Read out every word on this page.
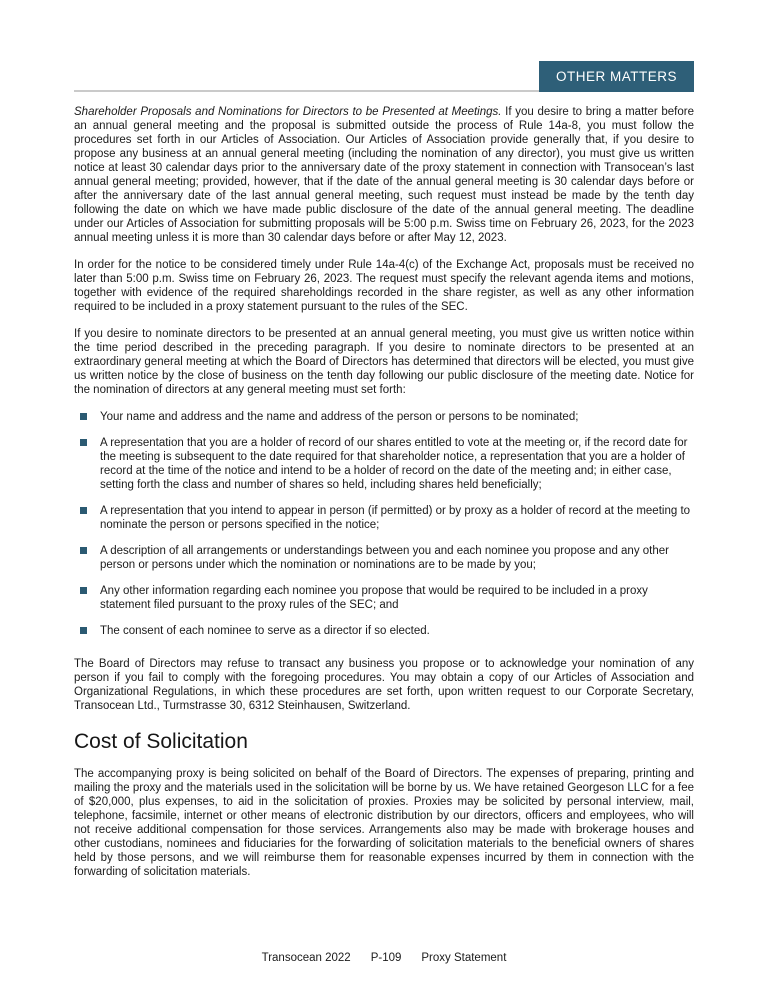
OTHER MATTERS

Shareholder Proposals and Nominations for Directors to be Presented at Meetings. If you desire to bring a matter before an annual general meeting and the proposal is submitted outside the process of Rule 14a-8, you must follow the procedures set forth in our Articles of Association. Our Articles of Association provide generally that, if you desire to propose any business at an annual general meeting (including the nomination of any director), you must give us written notice at least 30 calendar days prior to the anniversary date of the proxy statement in connection with Transocean’s last annual general meeting; provided, however, that if the date of the annual general meeting is 30 calendar days before or after the anniversary date of the last annual general meeting, such request must instead be made by the tenth day following the date on which we have made public disclosure of the date of the annual general meeting. The deadline under our Articles of Association for submitting proposals will be 5:00 p.m. Swiss time on February 26, 2023, for the 2023 annual meeting unless it is more than 30 calendar days before or after May 12, 2023.

In order for the notice to be considered timely under Rule 14a-4(c) of the Exchange Act, proposals must be received no later than 5:00 p.m. Swiss time on February 26, 2023. The request must specify the relevant agenda items and motions, together with evidence of the required shareholdings recorded in the share register, as well as any other information required to be included in a proxy statement pursuant to the rules of the SEC.

If you desire to nominate directors to be presented at an annual general meeting, you must give us written notice within the time period described in the preceding paragraph. If you desire to nominate directors to be presented at an extraordinary general meeting at which the Board of Directors has determined that directors will be elected, you must give us written notice by the close of business on the tenth day following our public disclosure of the meeting date. Notice for the nomination of directors at any general meeting must set forth:

Your name and address and the name and address of the person or persons to be nominated;
A representation that you are a holder of record of our shares entitled to vote at the meeting or, if the record date for the meeting is subsequent to the date required for that shareholder notice, a representation that you are a holder of record at the time of the notice and intend to be a holder of record on the date of the meeting and; in either case, setting forth the class and number of shares so held, including shares held beneficially;
A representation that you intend to appear in person (if permitted) or by proxy as a holder of record at the meeting to nominate the person or persons specified in the notice;
A description of all arrangements or understandings between you and each nominee you propose and any other person or persons under which the nomination or nominations are to be made by you;
Any other information regarding each nominee you propose that would be required to be included in a proxy statement filed pursuant to the proxy rules of the SEC; and
The consent of each nominee to serve as a director if so elected.

The Board of Directors may refuse to transact any business you propose or to acknowledge your nomination of any person if you fail to comply with the foregoing procedures. You may obtain a copy of our Articles of Association and Organizational Regulations, in which these procedures are set forth, upon written request to our Corporate Secretary, Transocean Ltd., Turmstrasse 30, 6312 Steinhausen, Switzerland.

Cost of Solicitation

The accompanying proxy is being solicited on behalf of the Board of Directors. The expenses of preparing, printing and mailing the proxy and the materials used in the solicitation will be borne by us. We have retained Georgeson LLC for a fee of $20,000, plus expenses, to aid in the solicitation of proxies. Proxies may be solicited by personal interview, mail, telephone, facsimile, internet or other means of electronic distribution by our directors, officers and employees, who will not receive additional compensation for those services. Arrangements also may be made with brokerage houses and other custodians, nominees and fiduciaries for the forwarding of solicitation materials to the beneficial owners of shares held by those persons, and we will reimburse them for reasonable expenses incurred by them in connection with the forwarding of solicitation materials.

Transocean 2022 P-109 Proxy Statement
